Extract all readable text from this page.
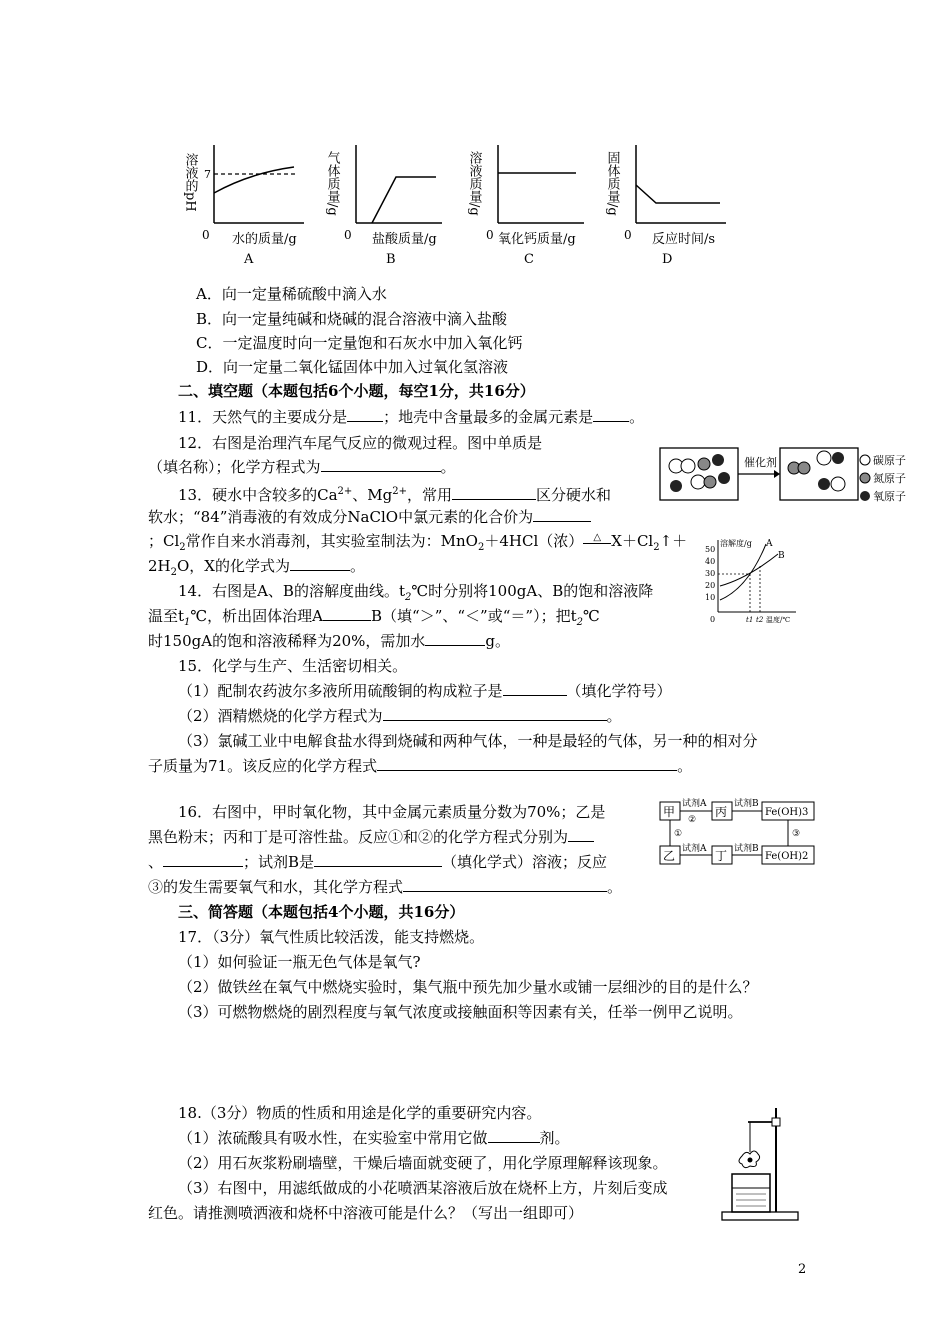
溶液的pH 7
0 水的质量/g
A
气体质量/g
0 盐酸质量/g
B
溶液质量/g
0 氧化钙质量/g
C
固体质量/g
0 反应时间/s
D
A．向一定量稀硫酸中滴入水
B．向一定量纯碱和烧碱的混合溶液中滴入盐酸
C．一定温度时向一定量饱和石灰水中加入氧化钙
D．向一定量二氧化锰固体中加入过氧化氢溶液
二、填空题（本题包括6个小题，每空1分，共16分）
11．天然气的主要成分是 ；地壳中含量最多的金属元素是 。
12．右图是治理汽车尾气反应的微观过程。图中单质是
（填名称）；化学方程式为	。	催化剂	碳原子
氮原子
氧原子
13．硬水中含较多的$Ca^{2+}$、$Mg^{2+}$，常用	区分硬水和
软水；“84”消毒液的有效成分NaClO中氯元素的化合价为
；$Cl_2$常作自来水消毒剂，其实验室制法为：MnO$_2$＋4HCl（浓） △ $X+Cl_2↑+$
$2H_2O$，X的化学式为	。
溶解度/g
50
40
30
20
10
A
B
0	t1 t2 温度/℃
14．右图是A、B的溶解度曲线。$t_2℃$时分别将100gA、B的饱和溶液降
温至$t_1℃$，析出固体治理A	B（填“＞”、“＜”或“＝”）；把$t_2℃$
时150gA的饱和溶液稀释为20%，需加水	g。
15．化学与生产、生活密切相关。
（1）配制农药波尔多液所用硫酸铜的构成粒子是	（填化学符号）
（2）酒精燃烧的化学方程式为	。
（3）氯碱工业中电解食盐水得到烧碱和两种气体，一种是最轻的气体，另一种的相对分
子质量为71。该反应的化学方程式	。
甲
试剂A
②
丙
试剂B
Fe(OH)3
①	③
乙 试剂A 丁 试剂B
Fe(OH)2
16．右图中，甲时氧化物，其中金属元素质量分数为70%；乙是
黑色粉末；丙和丁是可溶性盐。反应①和②的化学方程式分别为
、	；试剂B是	（填化学式）溶液；反应
③的发生需要氧气和水，其化学方程式	。
三、简答题（本题包括4个小题，共16分）
17．（3分）氧气性质比较活泼，能支持燃烧。
（1）如何验证一瓶无色气体是氧气?
（2）做铁丝在氧气中燃烧实验时，集气瓶中预先加少量水或铺一层细沙的目的是什么？
（3）可燃物燃烧的剧烈程度与氧气浓度或接触面积等因素有关，任举一例甲乙说明。
18.（3分）物质的性质和用途是化学的重要研究内容。
（1）浓硫酸具有吸水性，在实验室中常用它做	剂。
（2）用石灰浆粉刷墙壁，干燥后墙面就变硬了，用化学原理解释该现象。
（3）右图中，用滤纸做成的小花喷洒某溶液后放在烧杯上方，片刻后变成
红色。请推测喷洒液和烧杯中溶液可能是什么？（写出一组即可）
2
